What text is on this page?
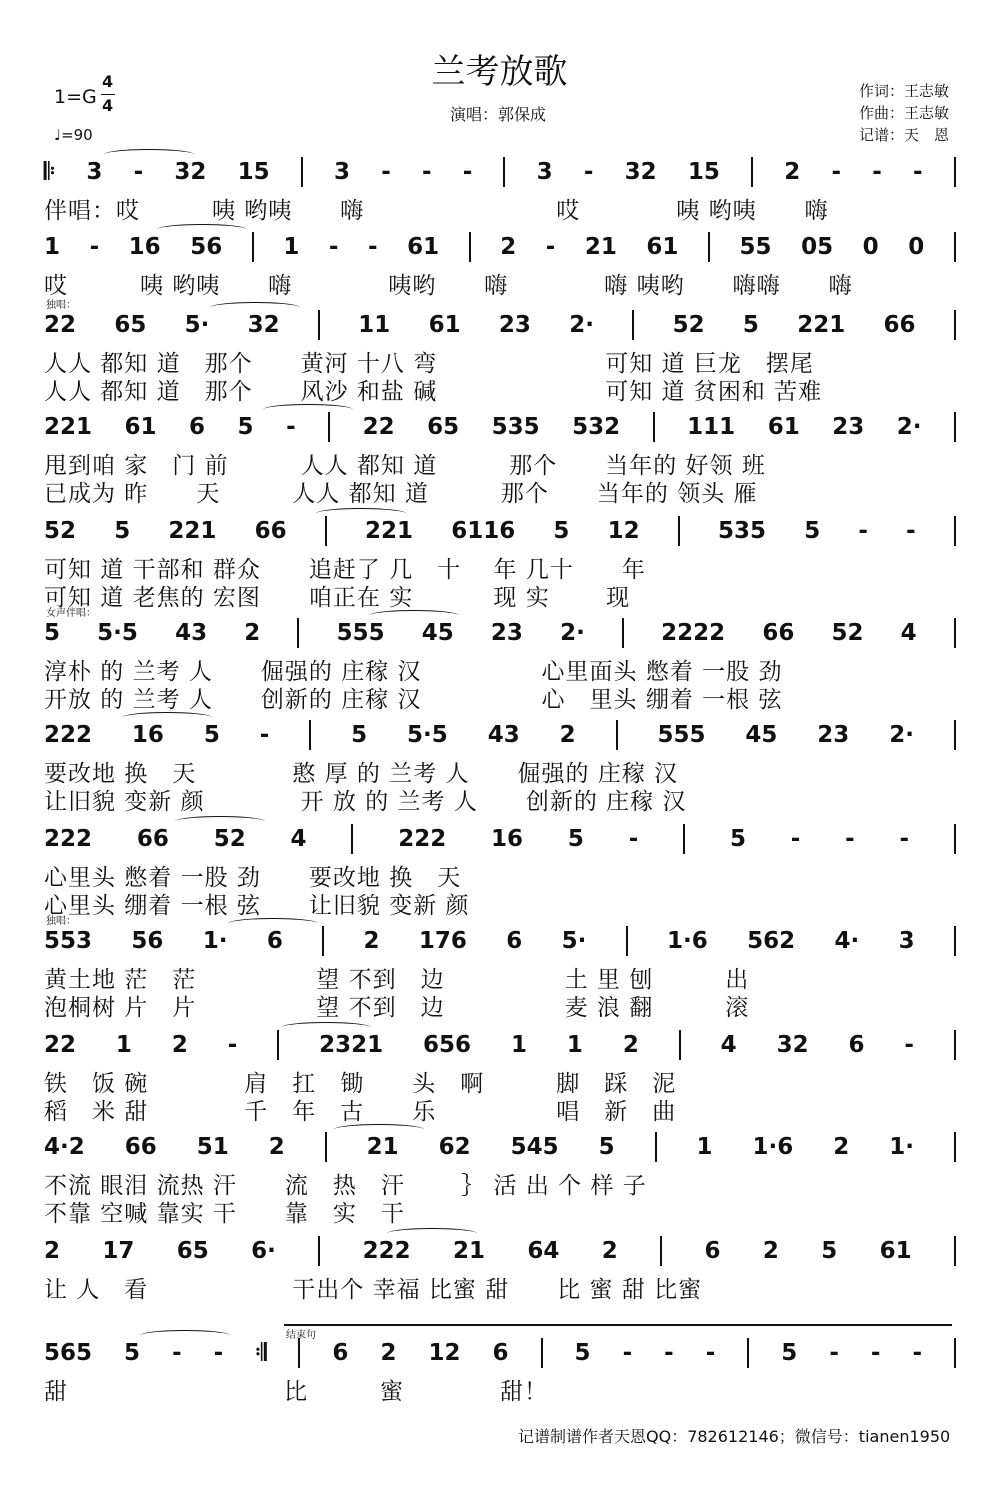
兰考放歌
1=G
4
4
♩=90
演唱：郭保成
作词：王志敏
作曲：王志敏
记谱：天　恩
𝄆 3 - 32 15	3 - - -	3 - 32 15	2 - - -
伴唱：哎　　　咦 哟咦　　嗨　　　　　　　　哎　　　　咦 哟咦　　嗨
1 - 16 56	1 - - 61	2 - 21 61	55 05 0 0
哎　　　咦 哟咦　　嗨　　　　咦哟　　嗨　　　　嗨 咦哟　　嗨嗨　　嗨
独唱：
22 65 5· 32	11 61 23 2·	52 5 221 66
人人 都知 道　那个　　黄河 十八 弯　　　　　　　可知 道 巨龙　摆尾
人人 都知 道　那个　　风沙 和盐 碱　　　　　　　可知 道 贫困和 苦难
221 61 6 5 -	22 65 535 532	111 61 23 2·
甩到咱 家　门 前　　　人人 都知 道　　　那个　　当年的 好领 班
已成为 昨　　天　　　人人 都知 道　　　那个　　当年的 领头 雁
52 5 221 66	221 6116 5 12	535 5 - -
可知 道 干部和 群众　　追赶了 几　十　 年 几十　　年
可知 道 老焦的 宏图　　咱正在 实　　　 现 实　　 现
女声伴唱：
5 5·5 43 2	555 45 23 2·	2222 66 52 4
淳朴 的 兰考 人　　倔强的 庄稼 汉　　　　　心里面头 憋着 一股 劲
开放 的 兰考 人　　创新的 庄稼 汉　　　　　心　里头 绷着 一根 弦
222 16 5 -	5 5·5 43 2	555 45 23 2·
要改地 换　天　　　　憨 厚 的 兰考 人　　倔强的 庄稼 汉
让旧貌 变新 颜　　　　开 放 的 兰考 人　　创新的 庄稼 汉
222 66 52 4	222 16 5 -	5 - - -
心里头 憋着 一股 劲　　要改地 换　天
心里头 绷着 一根 弦　　让旧貌 变新 颜
独唱：
553 56 1· 6	2 176 6 5·	1·6 562 4· 3
黄土地 茫　茫　　　　　望 不到　边　　　　　土 里 刨　　　出
泡桐树 片　片　　　　　望 不到　边　　　　　麦 浪 翻　　　滚
22 1 2 -	2321 656 1 1 2	4 32 6 -
铁　饭 碗　　　　肩　扛　锄　　头　啊　　　脚　踩　泥
稻　米 甜　　　　千　年　古　　乐　　　　　唱　新　曲
4·2 66 51 2	21 62 545 5	1 1·6 2 1·
不流 眼泪 流热 汗　　流　热　汗　　 ｝ 活 出 个 样 子
不靠 空喊 靠实 干　　靠　实　干
2 17 65 6·	222 21 64 2	6 2 5 61
让 人　看　　　　　　干出个 幸福 比蜜 甜　　比 蜜 甜 比蜜
565 5 - - 𝄇	6 2 12 6	5 - - -	5 - - -
甜　　　　　　　　　比　　　蜜　　　　甜！
结束句
记谱制谱作者天恩QQ：782612146；微信号：tianen1950
